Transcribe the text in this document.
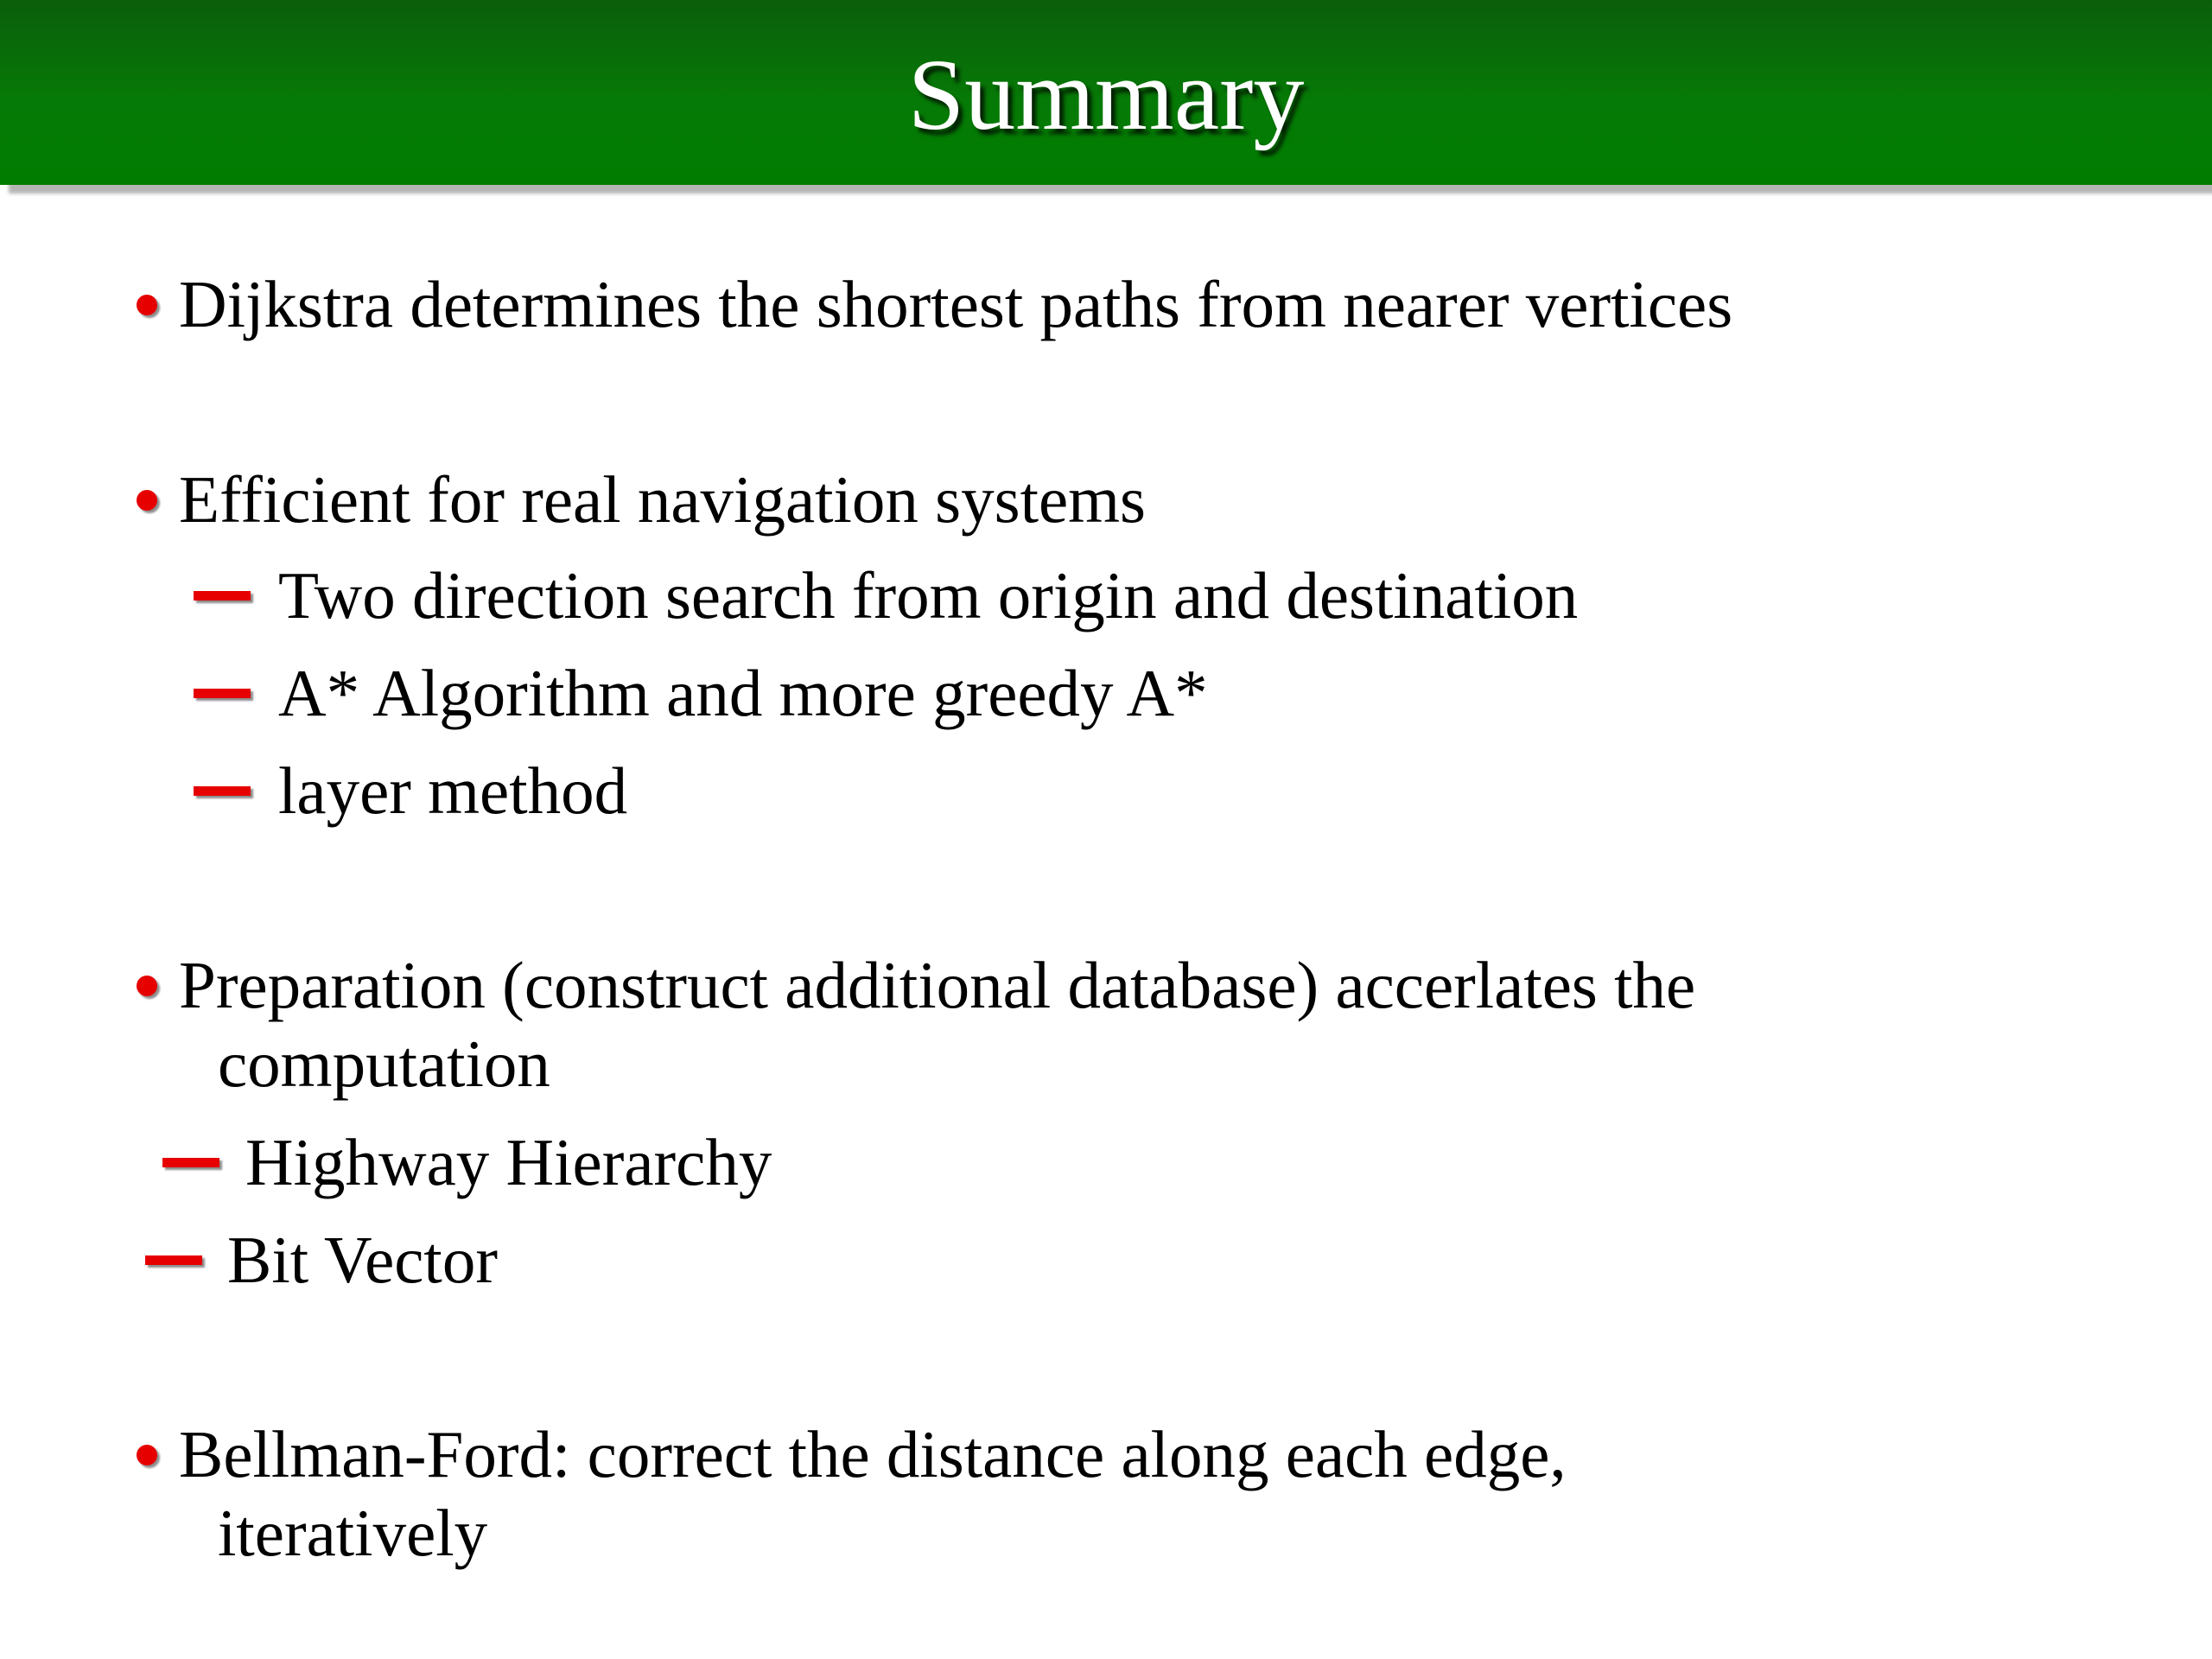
Summary
Dijkstra determines the shortest paths from nearer vertices
Efficient for real navigation systems
Two direction search from origin and destination
A* Algorithm and more greedy A*
layer method
Preparation (construct additional database) accerlates the
computation
Highway Hierarchy
Bit Vector
Bellman-Ford: correct the distance along each edge,
iteratively
